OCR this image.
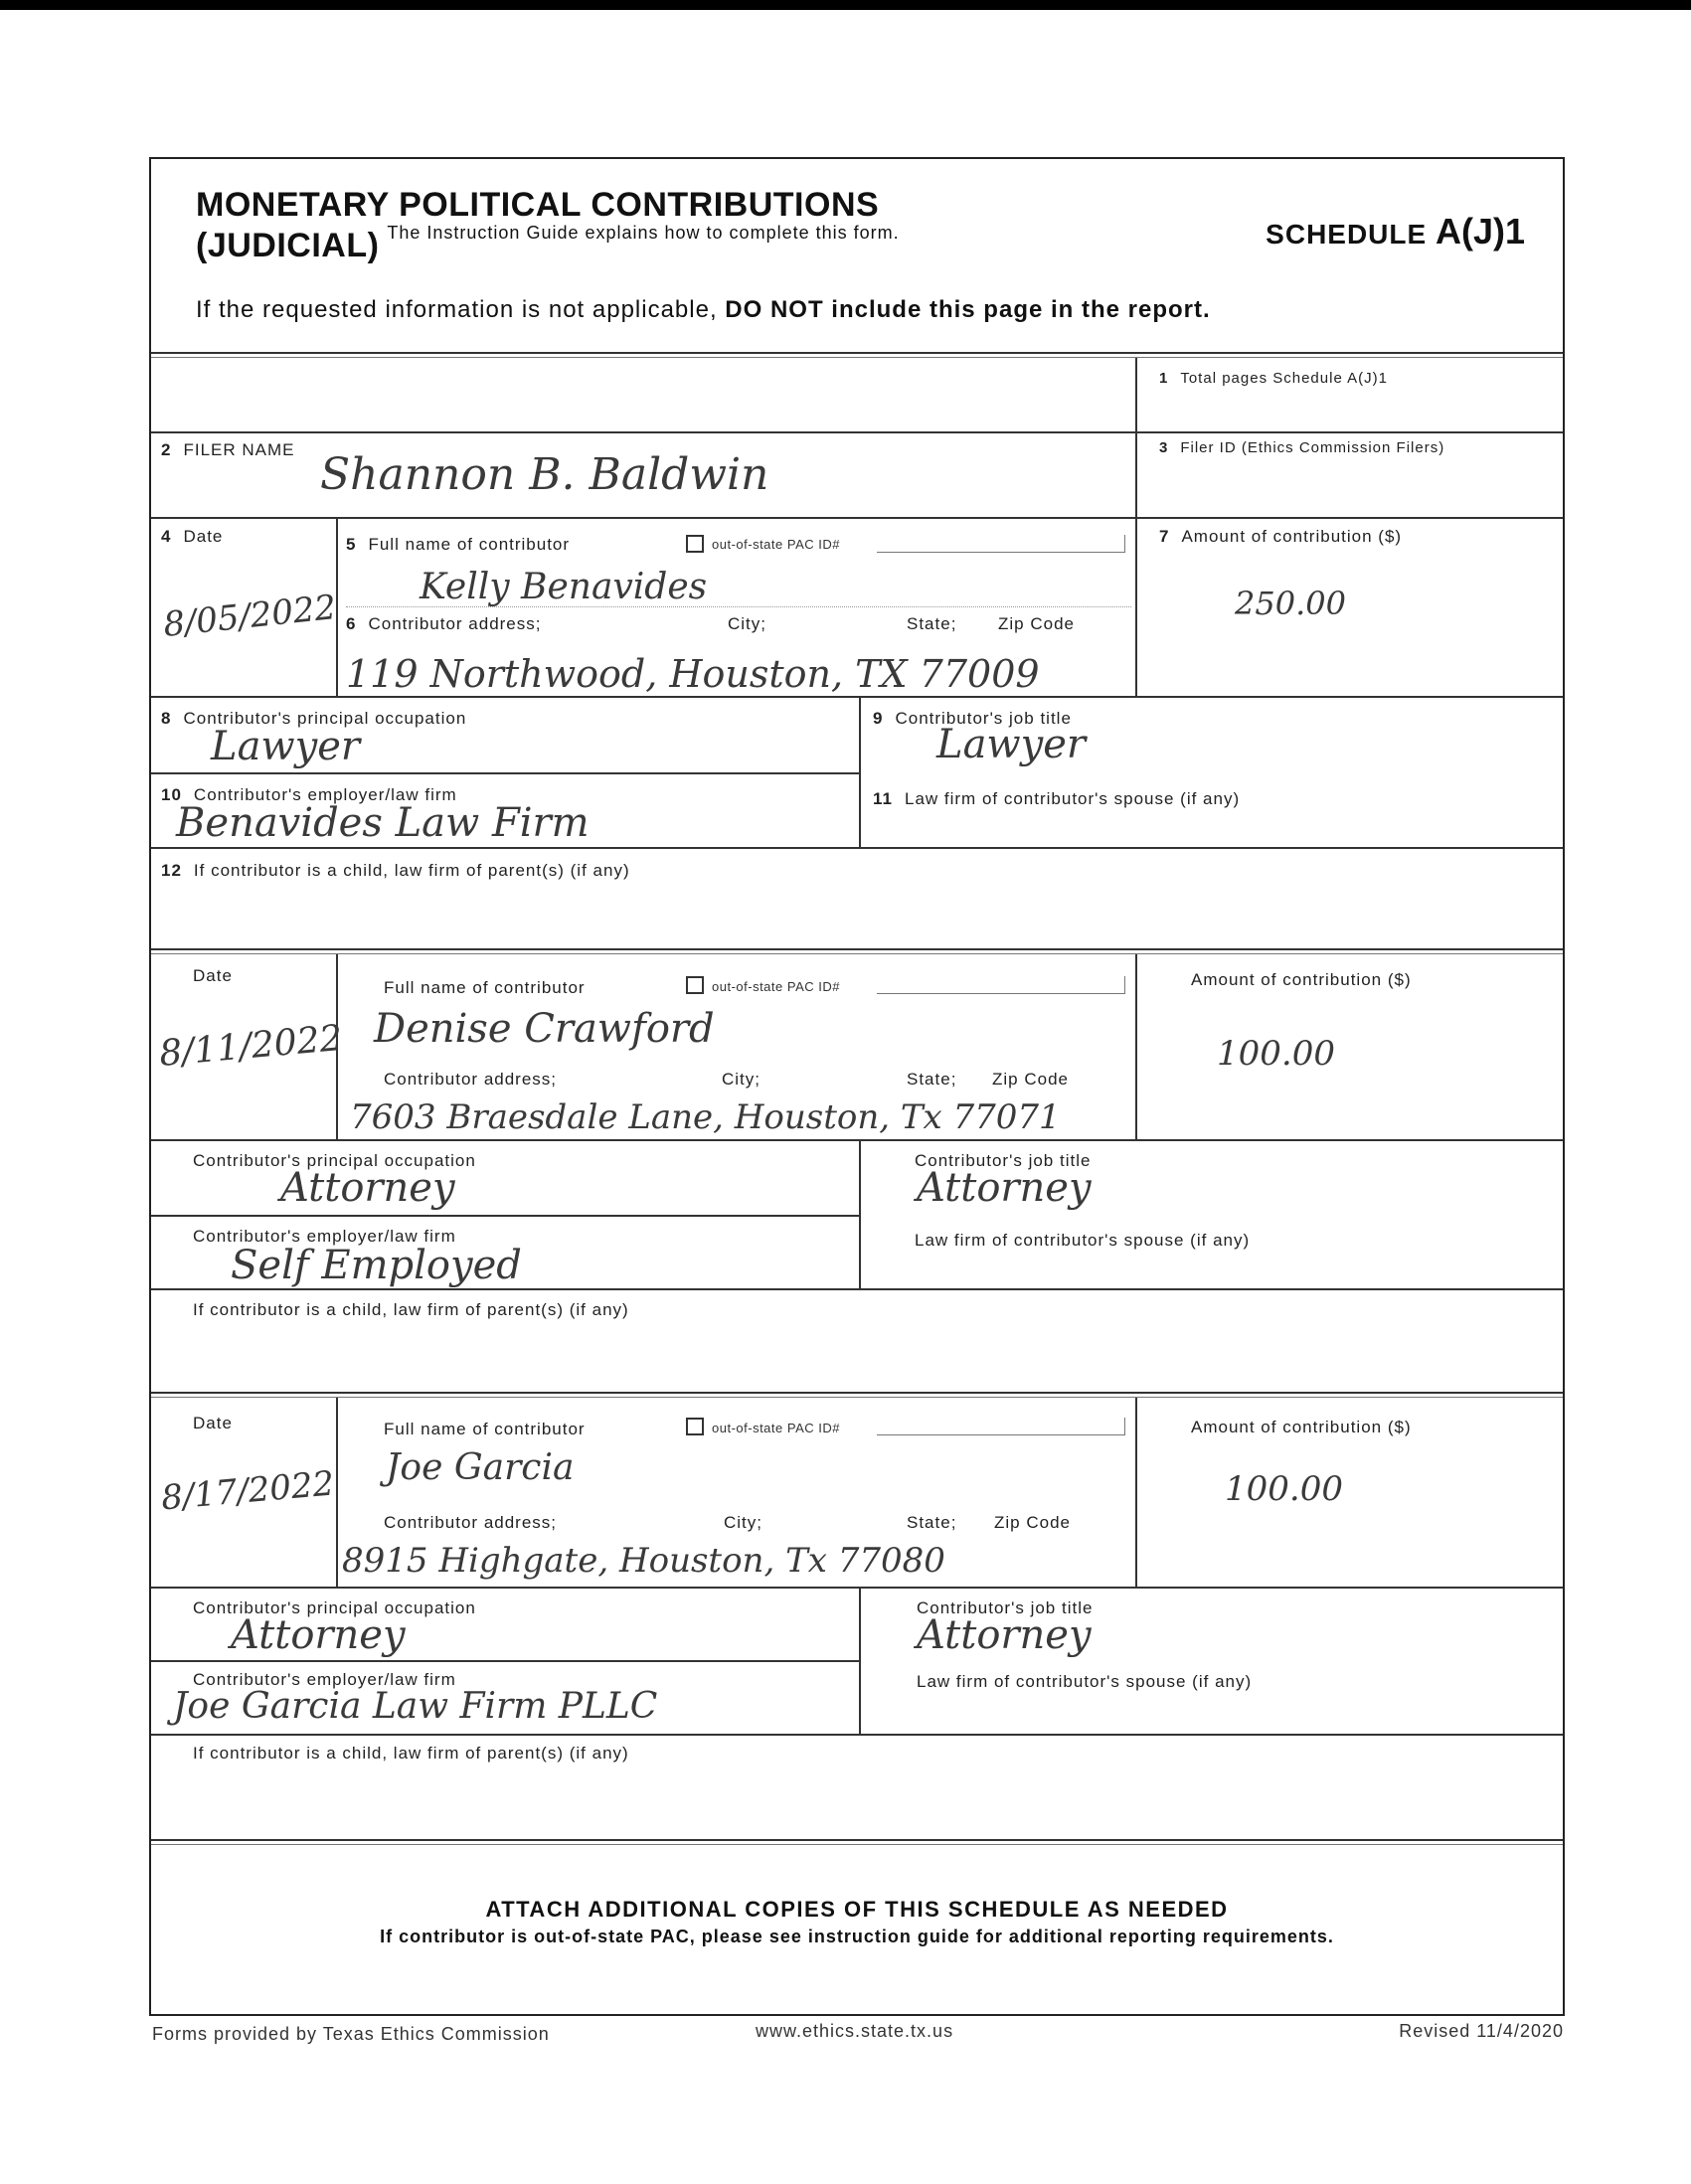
MONETARY POLITICAL CONTRIBUTIONS
(JUDICIAL)	SCHEDULE A(J)1
If the requested information is not applicable, DO NOT include this page in the report.
The Instruction Guide explains how to complete this form.
1 Total pages Schedule A(J)1
2 FILER NAME Shannon B. Baldwin
3 Filer ID (Ethics Commission Filers)
4 Date
8/05/2022
5 Full name of contributor	out-of-state PAC ID#
Kelly Benavides
6 Contributor address;	City;	State; Zip Code
119 Northwood, Houston, TX 77009
7 Amount of contribution ($)
250.00
8 Contributor's principal occupation
Lawyer
9 Contributor's job title
Lawyer
10 Contributor's employer/law firm
Benavides Law Firm
11 Law firm of contributor's spouse (if any)
12 If contributor is a child, law firm of parent(s) (if any)
Date
8/11/2022
Full name of contributor	out-of-state PAC ID#
Denise Crawford
Contributor address;	City;	State; Zip Code
7603 Braesdale Lane, Houston, Tx 77071
Amount of contribution ($)
100.00
Contributor's principal occupation
Attorney
Contributor's job title
Attorney
Contributor's employer/law firm
Self Employed
Law firm of contributor's spouse (if any)
If contributor is a child, law firm of parent(s) (if any)
Date
8/17/2022
Full name of contributor	out-of-state PAC ID#
Joe Garcia
Contributor address;	City;	State; Zip Code
8915 Highgate, Houston, Tx 77080
Amount of contribution ($)
100.00
Contributor's principal occupation
Attorney
Contributor's job title
Attorney
Contributor's employer/law firm
Joe Garcia Law Firm PLLC
Law firm of contributor's spouse (if any)
If contributor is a child, law firm of parent(s) (if any)
ATTACH ADDITIONAL COPIES OF THIS SCHEDULE AS NEEDED
If contributor is out-of-state PAC, please see instruction guide for additional reporting requirements.
Forms provided by Texas Ethics Commission	www.ethics.state.tx.us	Revised 11/4/2020
